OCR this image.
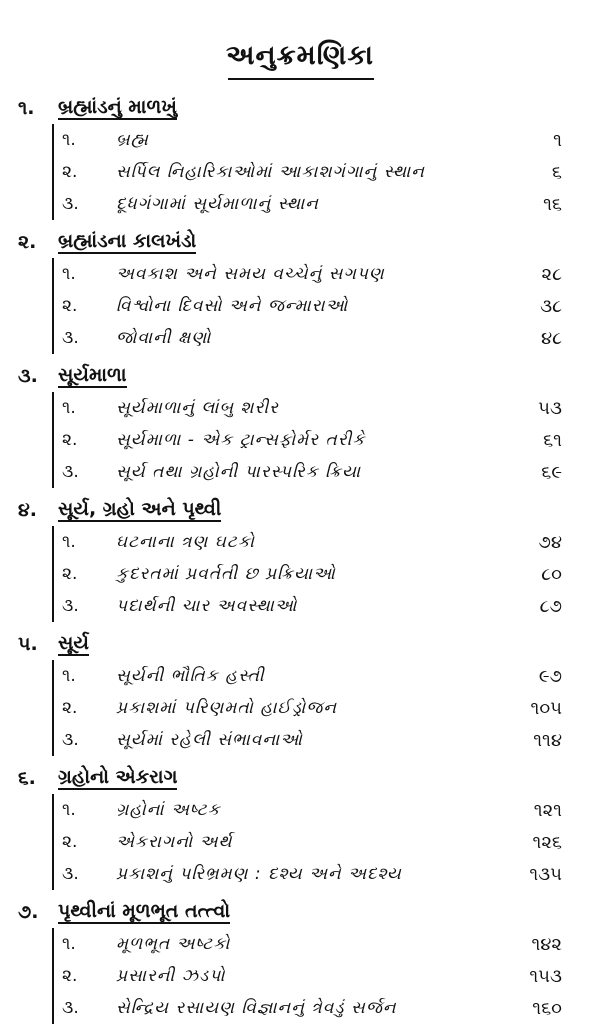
અનુક્રમણિકા
૧.	બ્રહ્માંડનું માળખું
૧.	બ્રહ્મ	૧
૨.	સર્પિલ નિહારિકાઓમાં આકાશગંગાનું સ્થાન	૬
૩.	દૂધગંગામાં સૂર્યમાળાનું સ્થાન	૧૬
૨.	બ્રહ્માંડના કાલખંડો
૧.	અવકાશ અને સમય વચ્ચેનું સગપણ	૨૮
૨.	વિશ્વોના દિવસો અને જન્મારાઓ	૩૮
૩.	જોવાની ક્ષણો	૪૮
૩.	સૂર્યમાળા
૧.	સૂર્યમાળાનું લાંબુ શરીર	૫૩
૨.	સૂર્યમાળા - એક ટ્રાન્સફોર્મર તરીકે	૬૧
૩.	સૂર્ય તથા ગ્રહોની પારસ્પરિક ક્રિયા	૬૯
૪.	સૂર્ય, ગ્રહો અને પૃથ્વી
૧.	ઘટનાના ત્રણ ઘટકો	૭૪
૨.	કુદરતમાં પ્રવર્તતી છ પ્રક્રિયાઓ	૮૦
૩.	પદાર્થની ચાર અવસ્થાઓ	૮૭
૫.	સૂર્ય
૧.	સૂર્યની ભૌતિક હસ્તી	૯૭
૨.	પ્રકાશમાં પરિણમતો હાઈડ્રોજન	૧૦૫
૩.	સૂર્યમાં રહેલી સંભાવનાઓ	૧૧૪
૬.	ગ્રહોનો એકરાગ
૧.	ગ્રહોનાં અષ્ટક	૧૨૧
૨.	એકરાગનો અર્થ	૧૨૬
૩.	પ્રકાશનું પરિભ્રમણ : દશ્ય અને અદશ્ય	૧૩૫
૭.	પૃથ્વીનાં મૂળભૂત તત્ત્વો
૧.	મૂળભૂત અષ્ટકો	૧૪૨
૨.	પ્રસારની ઝડપો	૧૫૩
૩.	સેન્દ્રિય રસાયણ વિજ્ઞાનનું ત્રેવડું સર્જન	૧૬૦
